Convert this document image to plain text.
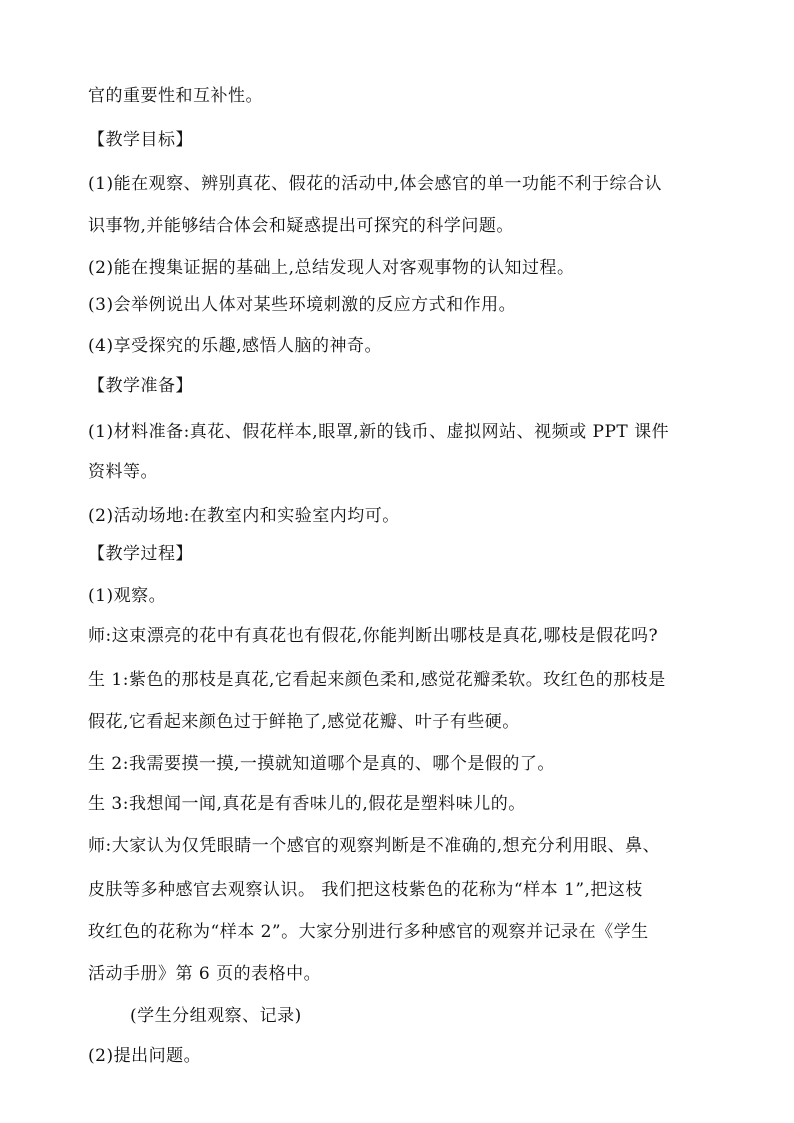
官的重要性和互补性。
【教学目标】
(1)能在观察、辨别真花、假花的活动中,体会感官的单一功能不利于综合认
识事物,并能够结合体会和疑惑提出可探究的科学问题。
(2)能在搜集证据的基础上,总结发现人对客观事物的认知过程。
(3)会举例说出人体对某些环境刺激的反应方式和作用。
(4)享受探究的乐趣,感悟人脑的神奇。
【教学准备】
(1)材料准备:真花、假花样本,眼罩,新的钱币、虚拟网站、视频或 PPT 课件
资料等。
(2)活动场地:在教室内和实验室内均可。
【教学过程】
(1)观察。
师:这束漂亮的花中有真花也有假花,你能判断出哪枝是真花,哪枝是假花吗?
生 1:紫色的那枝是真花,它看起来颜色柔和,感觉花瓣柔软。玫红色的那枝是
假花,它看起来颜色过于鲜艳了,感觉花瓣、叶子有些硬。
生 2:我需要摸一摸,一摸就知道哪个是真的、哪个是假的了。
生 3:我想闻一闻,真花是有香味儿的,假花是塑料味儿的。
师:大家认为仅凭眼睛一个感官的观察判断是不准确的,想充分利用眼、鼻、
皮肤等多种感官去观察认识。 我们把这枝紫色的花称为“样本 1”,把这枝
玫红色的花称为“样本 2”。大家分别进行多种感官的观察并记录在《学生
活动手册》第 6 页的表格中。
(学生分组观察、记录)
(2)提出问题。
